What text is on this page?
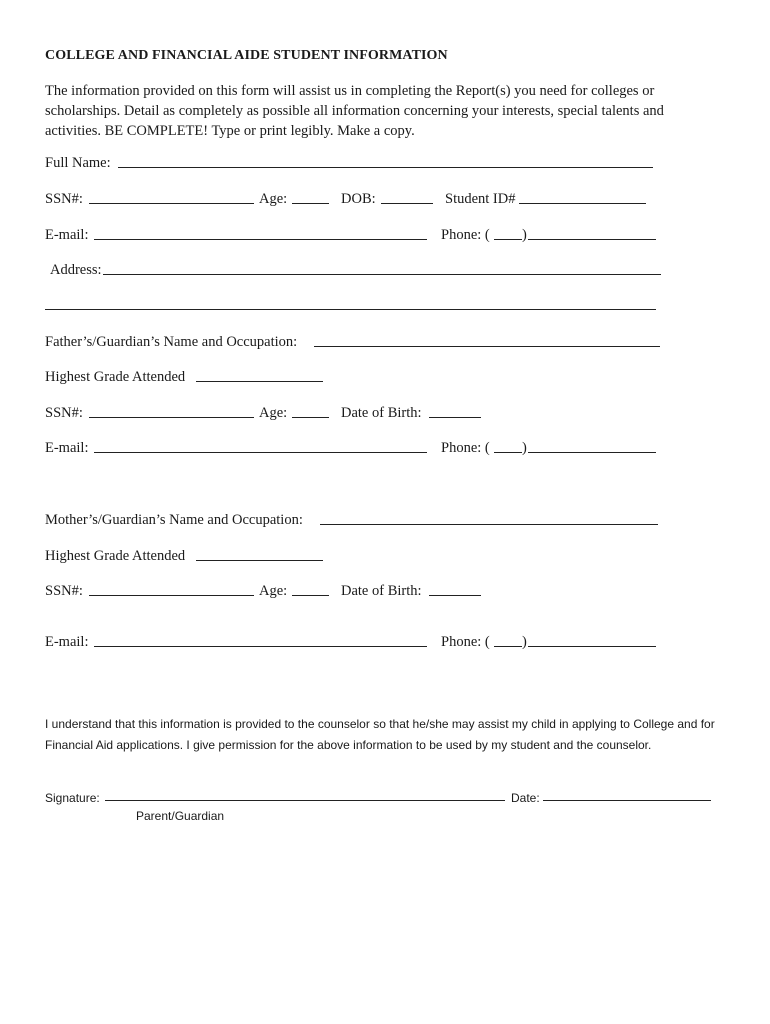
COLLEGE AND FINANCIAL AIDE STUDENT INFORMATION
The information provided on this form will assist us in completing the Report(s) you need for colleges or scholarships. Detail as completely as possible all information concerning your interests, special talents and activities. BE COMPLETE! Type or print legibly. Make a copy.
Full Name:
SSN#:	Age:	DOB:	Student ID#
E-mail:	Phone: ( )
Address:
Father’s/Guardian’s Name and Occupation:
Highest Grade Attended
SSN#:	Age:	Date of Birth:
E-mail:	Phone: ( )
Mother’s/Guardian’s Name and Occupation:
Highest Grade Attended
SSN#:	Age:	Date of Birth:
E-mail:	Phone: ( )
I understand that this information is provided to the counselor so that he/she may assist my child in applying to College and for Financial Aid applications. I give permission for the above information to be used by my student and the counselor.
Signature:	Date:
Parent/Guardian
